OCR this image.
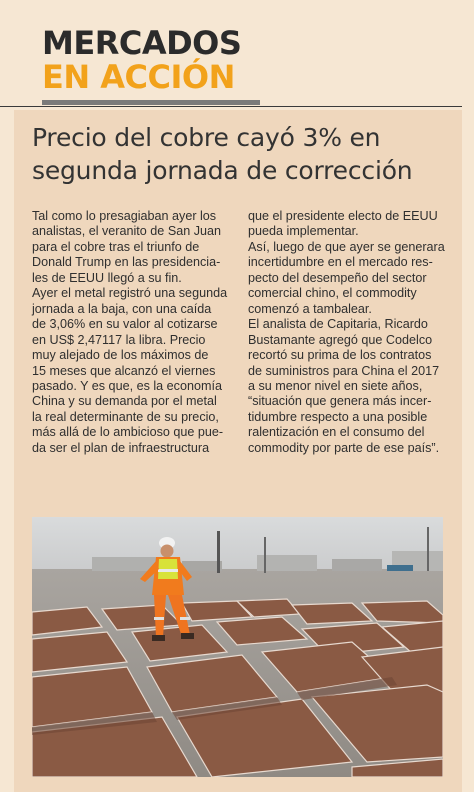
MERCADOS
EN ACCIÓN
Precio del cobre cayó 3% en
segunda jornada de corrección
Tal como lo presagiaban ayer los
analistas, el veranito de San Juan
para el cobre tras el triunfo de
Donald Trump en las presidencia-
les de EEUU llegó a su fin.
Ayer el metal registró una segunda
jornada a la baja, con una caída
de 3,06% en su valor al cotizarse
en US$ 2,47117 la libra. Precio
muy alejado de los máximos de
15 meses que alcanzó el viernes
pasado. Y es que, es la economía
China y su demanda por el metal
la real determinante de su precio,
más allá de lo ambicioso que pue-
da ser el plan de infraestructura
que el presidente electo de EEUU
pueda implementar.
Así, luego de que ayer se generara
incertidumbre en el mercado res-
pecto del desempeño del sector
comercial chino, el commodity
comenzó a tambalear.
El analista de Capitaria, Ricardo
Bustamante agregó que Codelco
recortó su prima de los contratos
de suministros para China el 2017
a su menor nivel en siete años,
“situación que genera más incer-
tidumbre respecto a una posible
ralentización en el consumo del
commodity por parte de ese país”.
